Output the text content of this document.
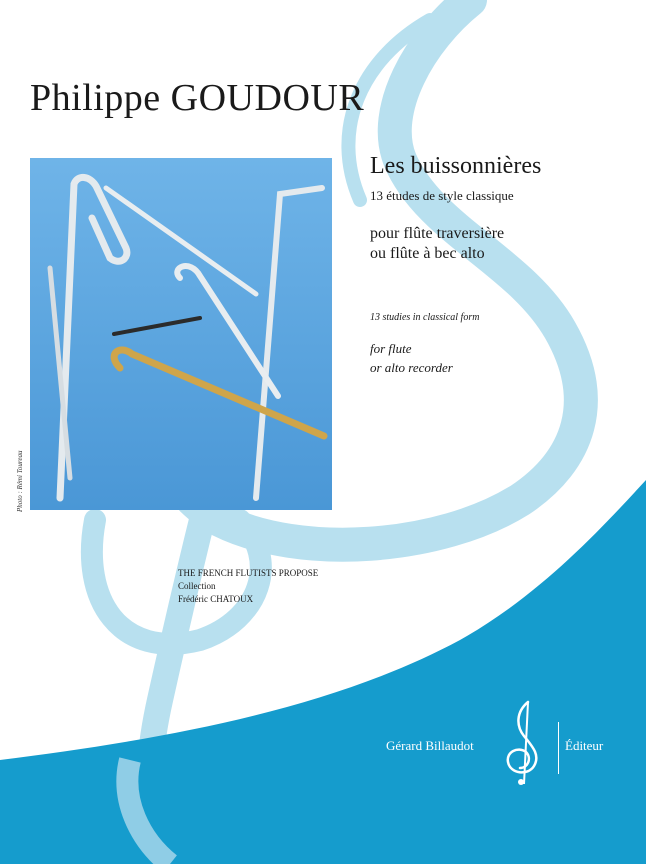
Philippe GOUDOUR
Photo : Rémi Toureau
Les buissonnières
13 études de style classique
pour flûte traversière
ou flûte à bec alto
13 studies in classical form
for flute
or alto recorder
THE FRENCH FLUTISTS PROPOSE
Collection
Frédéric CHATOUX
Gérard Billaudot	Éditeur
